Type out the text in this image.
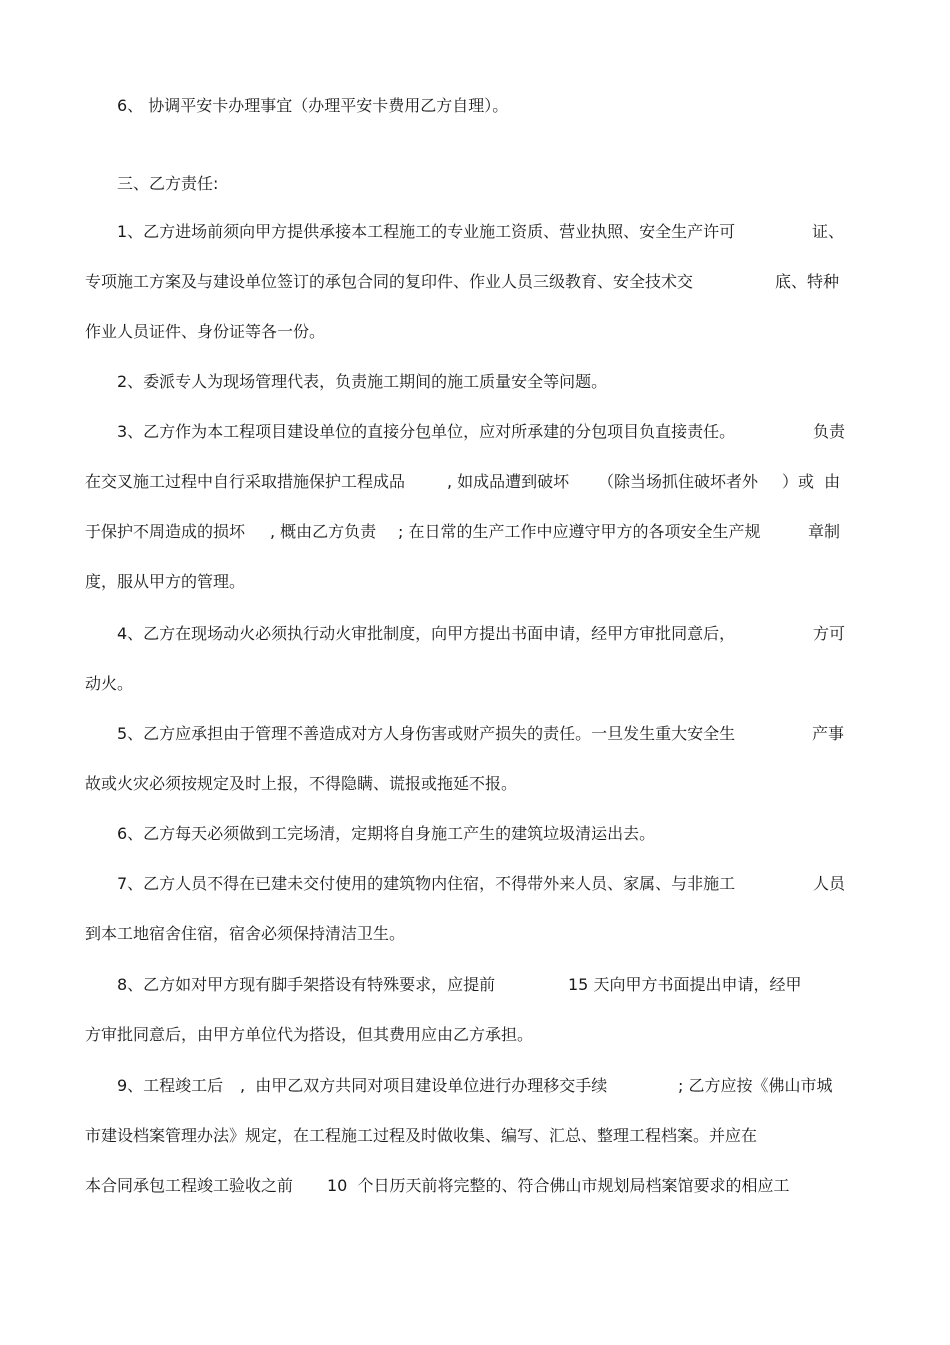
6、 协调平安卡办理事宜（办理平安卡费用乙方自理）。
三、乙方责任:
1、乙方进场前须向甲方提供承接本工程施工的专业施工资质、营业执照、安全生产许可	证、
专项施工方案及与建设单位签订的承包合同的复印件、作业人员三级教育、安全技术交	底、特种
作业人员证件、身份证等各一份。
2、委派专人为现场管理代表，负责施工期间的施工质量安全等问题。
3、乙方作为本工程项目建设单位的直接分包单位，应对所承建的分包项目负直接责任。	负责
在交叉施工过程中自行采取措施保护工程成品	, 如成品遭到破坏 （除当场抓住破坏者外 ）或  由
于保护不周造成的损坏 , 概由乙方负责 ; 在日常的生产工作中应遵守甲方的各项安全生产规	章制
度，服从甲方的管理。
4、乙方在现场动火必须执行动火审批制度，向甲方提出书面申请，经甲方审批同意后，	方可
动火。
5、乙方应承担由于管理不善造成对方人身伤害或财产损失的责任。一旦发生重大安全生	产事
故或火灾必须按规定及时上报，不得隐瞒、谎报或拖延不报。
6、乙方每天必须做到工完场清，定期将自身施工产生的建筑垃圾清运出去。
7、乙方人员不得在已建未交付使用的建筑物内住宿，不得带外来人员、家属、与非施工	人员
到本工地宿舍住宿，宿舍必须保持清洁卫生。
8、乙方如对甲方现有脚手架搭设有特殊要求，应提前	15 天向甲方书面提出申请，经甲
方审批同意后，由甲方单位代为搭设，但其费用应由乙方承担。
9、工程竣工后 ,  由甲乙双方共同对项目建设单位进行办理移交手续	; 乙方应按《佛山市城
市建设档案管理办法》规定，在工程施工过程及时做收集、编写、汇总、整理工程档案。并应在
本合同承包工程竣工验收之前 10  个日历天前将完整的、符合佛山市规划局档案馆要求的相应工
